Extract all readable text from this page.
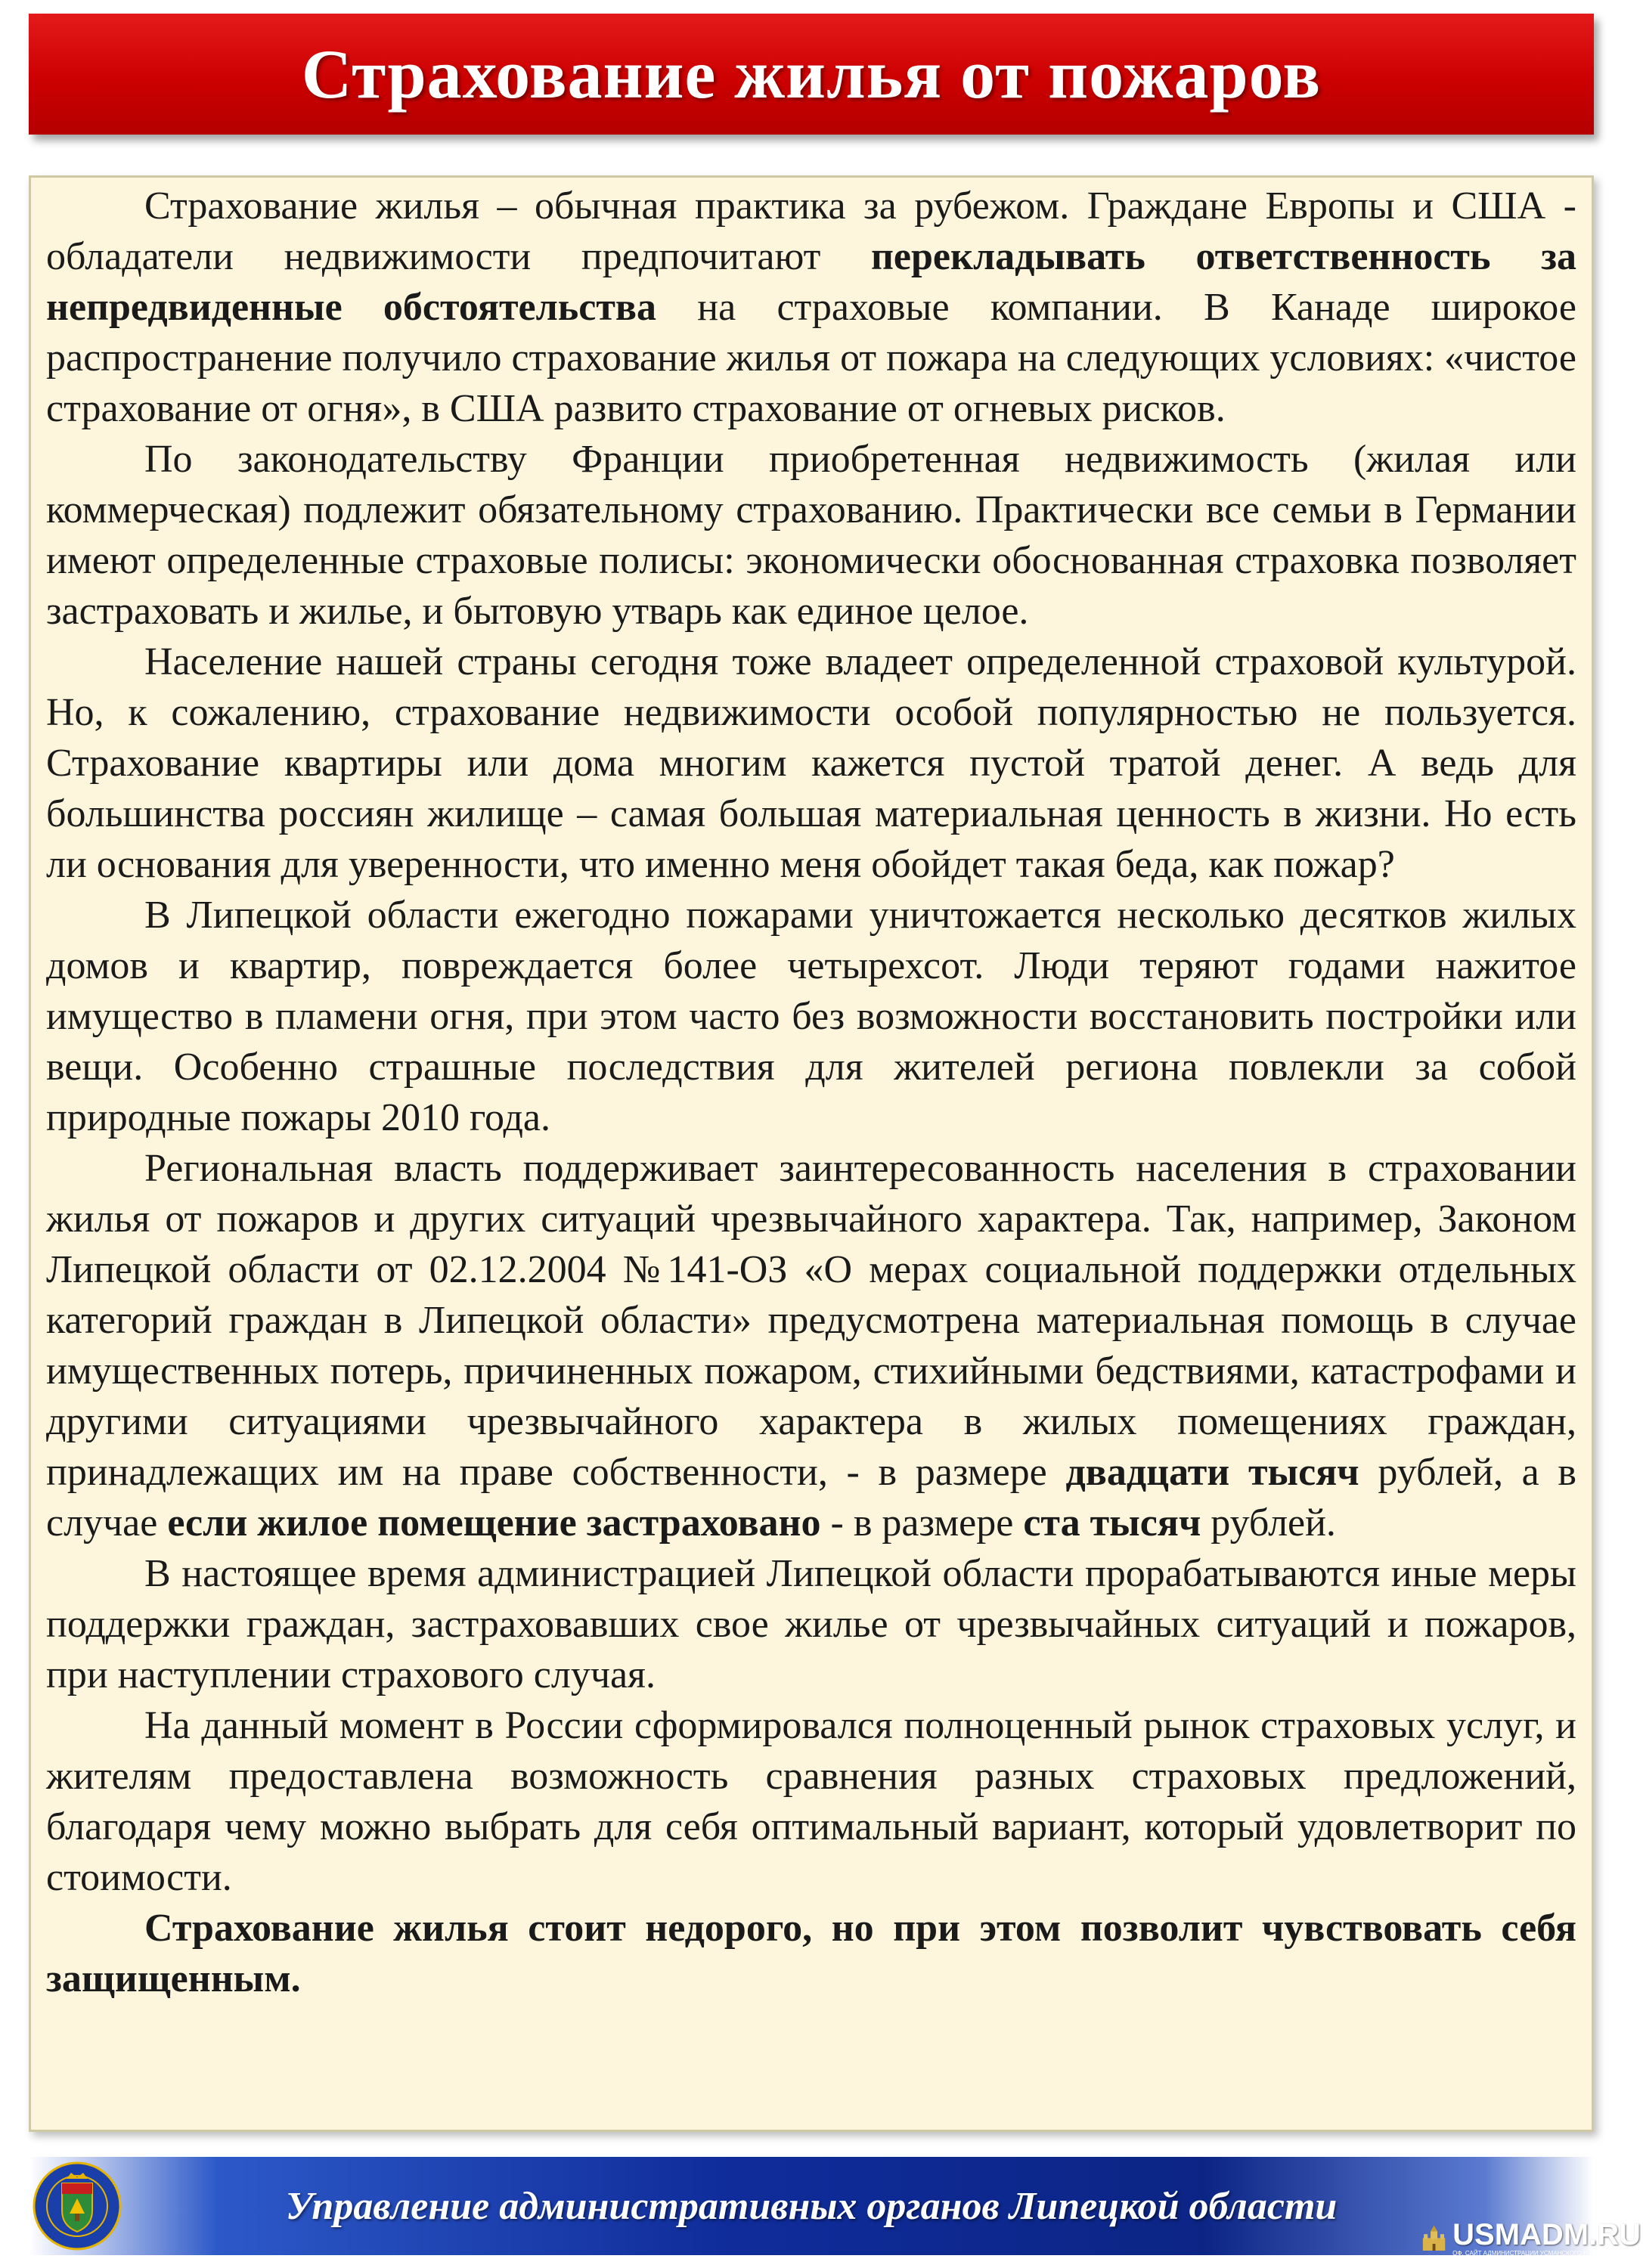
Страхование жилья от пожаров

Страхование жилья – обычная практика за рубежом. Граждане Европы и США - обладатели недвижимости предпочитают перекладывать ответственность за непредвиденные обстоятельства на страховые компании. В Канаде широкое распространение получило страхование жилья от пожара на следующих условиях: «чистое страхование от огня», в США развито страхование от огневых рисков.

По законодательству Франции приобретенная недвижимость (жилая или коммерческая) подлежит обязательному страхованию. Практически все семьи в Германии имеют определенные страховые полисы: экономически обоснованная страховка позволяет застраховать и жилье, и бытовую утварь как единое целое.

Население нашей страны сегодня тоже владеет определенной страховой культурой. Но, к сожалению, страхование недвижимости особой популярностью не пользуется. Страхование квартиры или дома многим кажется пустой тратой денег. А ведь для большинства россиян жилище – самая большая материальная ценность в жизни. Но есть ли основания для уверенности, что именно меня обойдет такая беда, как пожар?

В Липецкой области ежегодно пожарами уничтожается несколько десятков жилых домов и квартир, повреждается более четырехсот. Люди теряют годами нажитое имущество в пламени огня, при этом часто без возможности восстановить постройки или вещи. Особенно страшные последствия для жителей региона повлекли за собой природные пожары 2010 года.

Региональная власть поддерживает заинтересованность населения в страховании жилья от пожаров и других ситуаций чрезвычайного характера. Так, например, Законом Липецкой области от 02.12.2004 №141-ОЗ «О мерах социальной поддержки отдельных категорий граждан в Липецкой области» предусмотрена материальная помощь в случае имущественных потерь, причиненных пожаром, стихийными бедствиями, катастрофами и другими ситуациями чрезвычайного характера в жилых помещениях граждан, принадлежащих им на праве собственности, - в размере двадцати тысяч рублей, а в случае если жилое помещение застраховано - в размере ста тысяч рублей.

В настоящее время администрацией Липецкой области прорабатываются иные меры поддержки граждан, застраховавших свое жилье от чрезвычайных ситуаций и пожаров, при наступлении страхового случая.

На данный момент в России сформировался полноценный рынок страховых услуг, и жителям предоставлена возможность сравнения разных страховых предложений, благодаря чему можно выбрать для себя оптимальный вариант, который удовлетворит по стоимости.

Страхование жилья стоит недорого, но при этом позволит чувствовать себя защищенным.

Управление административных органов Липецкой области
USMADM.RU
ОФ. САЙТ АДМИНИСТРАЦИИ УСМАНСКОГО Р-НА
